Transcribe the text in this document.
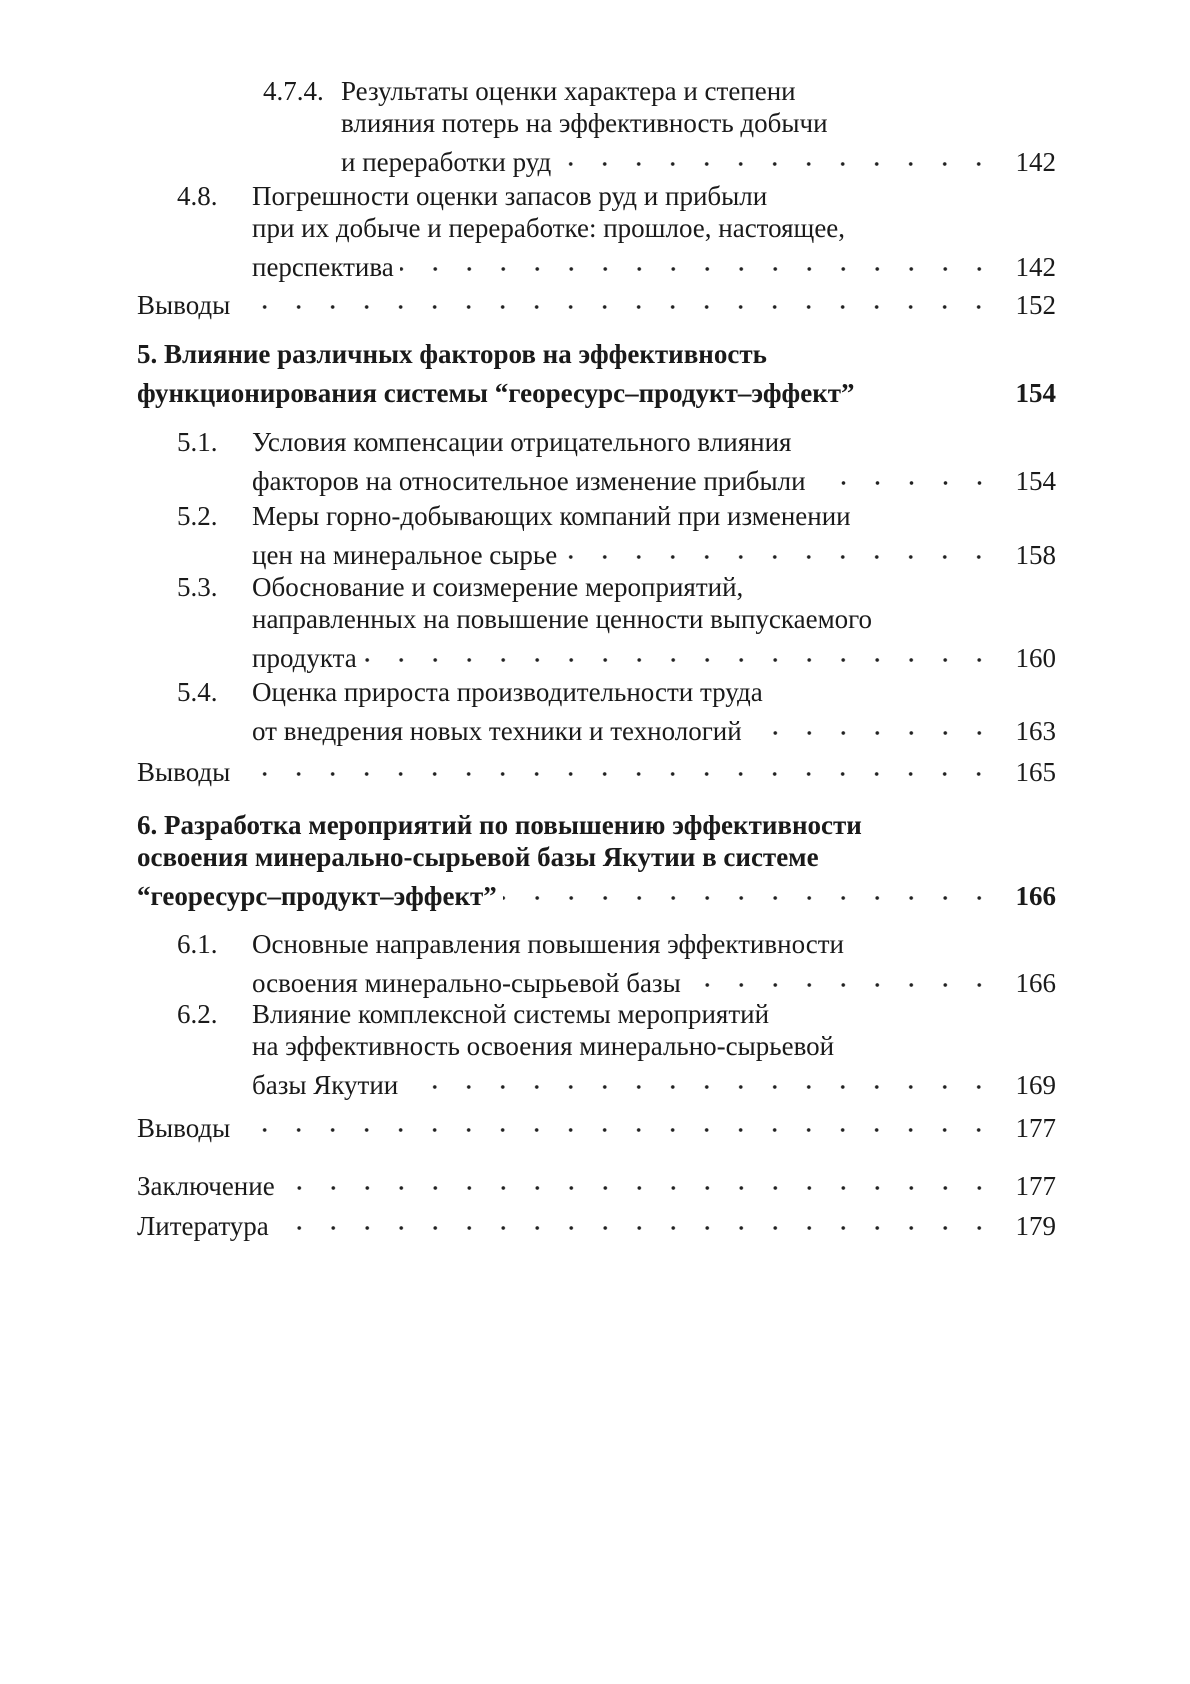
4.7.4. Результаты оценки характера и степени
влияния потерь на эффективность добычи
и переработки руд	142
4.8. Погрешности оценки запасов руд и прибыли
при их добыче и переработке: прошлое, настоящее,
перспектива	142
Выводы	152
5. Влияние различных факторов на эффективность
функционирования системы “георесурс–продукт–эффект”	154
5.1. Условия компенсации отрицательного влияния
факторов на относительное изменение прибыли	154
5.2. Меры горно-добывающих компаний при изменении
цен на минеральное сырье	158
5.3. Обоснование и соизмерение мероприятий,
направленных на повышение ценности выпускаемого
продукта	160
5.4. Оценка прироста производительности труда
от внедрения новых техники и технологий	163
Выводы	165
6. Разработка мероприятий по повышению эффективности
освоения минерально-сырьевой базы Якутии в системе
“георесурс–продукт–эффект”	166
6.1. Основные направления повышения эффективности
освоения минерально-сырьевой базы	166
6.2. Влияние комплексной системы мероприятий
на эффективность освоения минерально-сырьевой
базы Якутии	169
Выводы	177
Заключение	177
Литература	179
